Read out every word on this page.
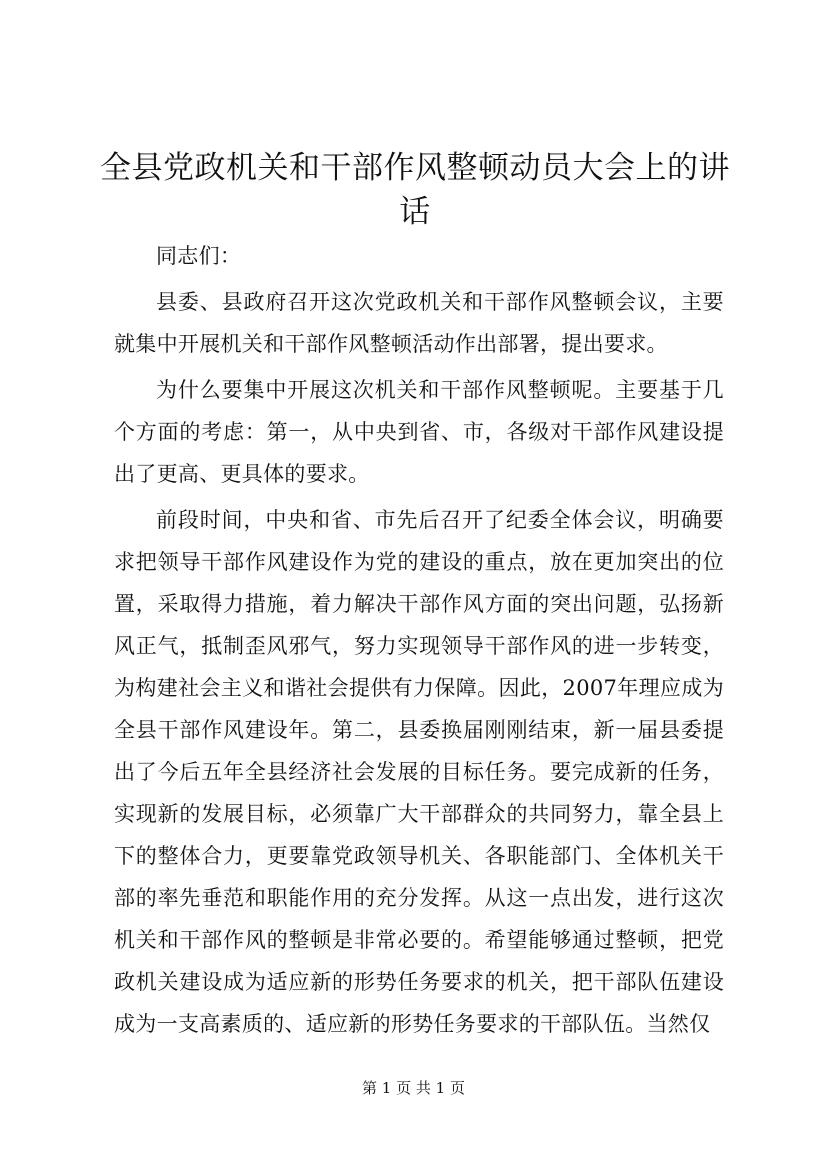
全县党政机关和干部作风整顿动员大会上的讲话

同志们：

县委、县政府召开这次党政机关和干部作风整顿会议，主要就集中开展机关和干部作风整顿活动作出部署，提出要求。

为什么要集中开展这次机关和干部作风整顿呢。主要基于几个方面的考虑：第一，从中央到省、市，各级对干部作风建设提出了更高、更具体的要求。

前段时间，中央和省、市先后召开了纪委全体会议，明确要求把领导干部作风建设作为党的建设的重点，放在更加突出的位置，采取得力措施，着力解决干部作风方面的突出问题，弘扬新风正气，抵制歪风邪气，努力实现领导干部作风的进一步转变，为构建社会主义和谐社会提供有力保障。因此，2007年理应成为全县干部作风建设年。第二，县委换届刚刚结束，新一届县委提出了今后五年全县经济社会发展的目标任务。要完成新的任务，实现新的发展目标，必须靠广大干部群众的共同努力，靠全县上下的整体合力，更要靠党政领导机关、各职能部门、全体机关干部的率先垂范和职能作用的充分发挥。从这一点出发，进行这次机关和干部作风的整顿是非常必要的。希望能够通过整顿，把党政机关建设成为适应新的形势任务要求的机关，把干部队伍建设成为一支高素质的、适应新的形势任务要求的干部队伍。当然仅

第 1 页 共 1 页
